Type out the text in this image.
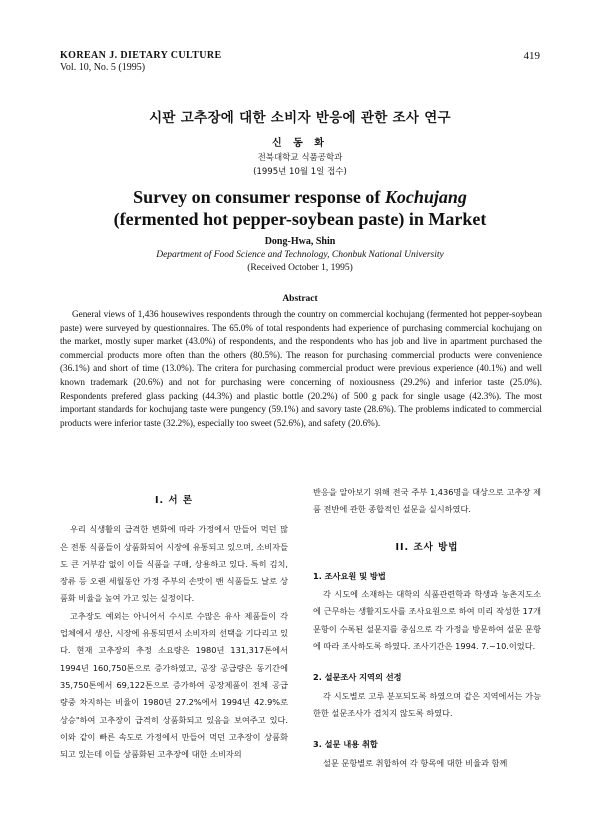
KOREAN J. DIETARY CULTURE
Vol. 10, No. 5 (1995)
419
시판 고추장에 대한 소비자 반응에 관한 조사 연구
신 동 화
전북대학교 식품공학과
(1995년 10월 1일 접수)
Survey on consumer response of Kochujang
(fermented hot pepper-soybean paste) in Market
Dong-Hwa, Shin
Department of Food Science and Technology, Chonbuk National University
(Received October 1, 1995)
Abstract
General views of 1,436 housewives respondents through the country on commercial kochujang (fermented hot pepper-soybean paste) were surveyed by questionnaires. The 65.0% of total respondents had experience of purchasing commercial kochujang on the market, mostly super market (43.0%) of respondents, and the respondents who has job and live in apartment purchased the commercial products more often than the others (80.5%). The reason for purchasing commercial products were convenience (36.1%) and short of time (13.0%). The critera for purchasing commercial product were previous experience (40.1%) and well known trademark (20.6%) and not for purchasing were concerning of noxiousness (29.2%) and inferior taste (25.0%). Respondents prefered glass packing (44.3%) and plastic bottle (20.2%) of 500 g pack for single usage (42.3%). The most important standards for kochujang taste were pungency (59.1%) and savory taste (28.6%). The problems indicated to commercial products were inferior taste (32.2%), especially too sweet (52.6%), and safety (20.6%).
I. 서 론

우리 식생활의 급격한 변화에 따라 가정에서 만들어 먹던 많은 전통 식품들이 상품화되어 시장에 유통되고 있으며, 소비자들도 큰 거부감 없이 이들 식품을 구매, 상용하고 있다. 특히 김치, 장류 등 오랜 세월동안 가정 주부의 손맛이 밴 식품들도 날로 상품화 비율을 높여 가고 있는 실정이다.

고추장도 예외는 아니어서 수시로 수많은 유사 제품들이 각 업체에서 생산, 시장에 유통되면서 소비자의 선택을 기다리고 있다. 현재 고추장의 추정 소요량은 1980년 131,317톤에서 1994년 160,750톤으로 증가하였고, 공장 공급량은 동기간에 35,750톤에서 69,122톤으로 증가하여 공장제품이 전체 공급량중 차지하는 비율이 1980년 27.2%에서 1994년 42.9%로 상승"하여 고추장이 급격히 상품화되고 있음을 보여주고 있다. 이와 같이 빠른 속도로 가정에서 만들어 먹던 고추장이 상품화 되고 있는데 이들 상품화된 고추장에 대한 소비자의

반응을 알아보기 위해 전국 주부 1,436명을 대상으로 고추장 제품 전반에 관한 종합적인 설문을 실시하였다.

II. 조사 방법
1. 조사요원 및 방법

각 시도에 소재하는 대학의 식품관련학과 학생과 농촌지도소에 근무하는 생활지도사를 조사요원으로 하여 미리 작성한 17개 문항이 수록된 설문지를 중심으로 각 가정을 방문하여 설문 문항에 따라 조사하도록 하였다. 조사기간은 1994. 7.~10.이었다.

2. 설문조사 지역의 선정

각 시도별로 고루 분포되도록 하였으며 같은 지역에서는 가능한한 설문조사가 겹치지 않도록 하였다.

3. 설문 내용 취합

설문 문항별로 취합하여 각 항목에 대한 비율과 함께
